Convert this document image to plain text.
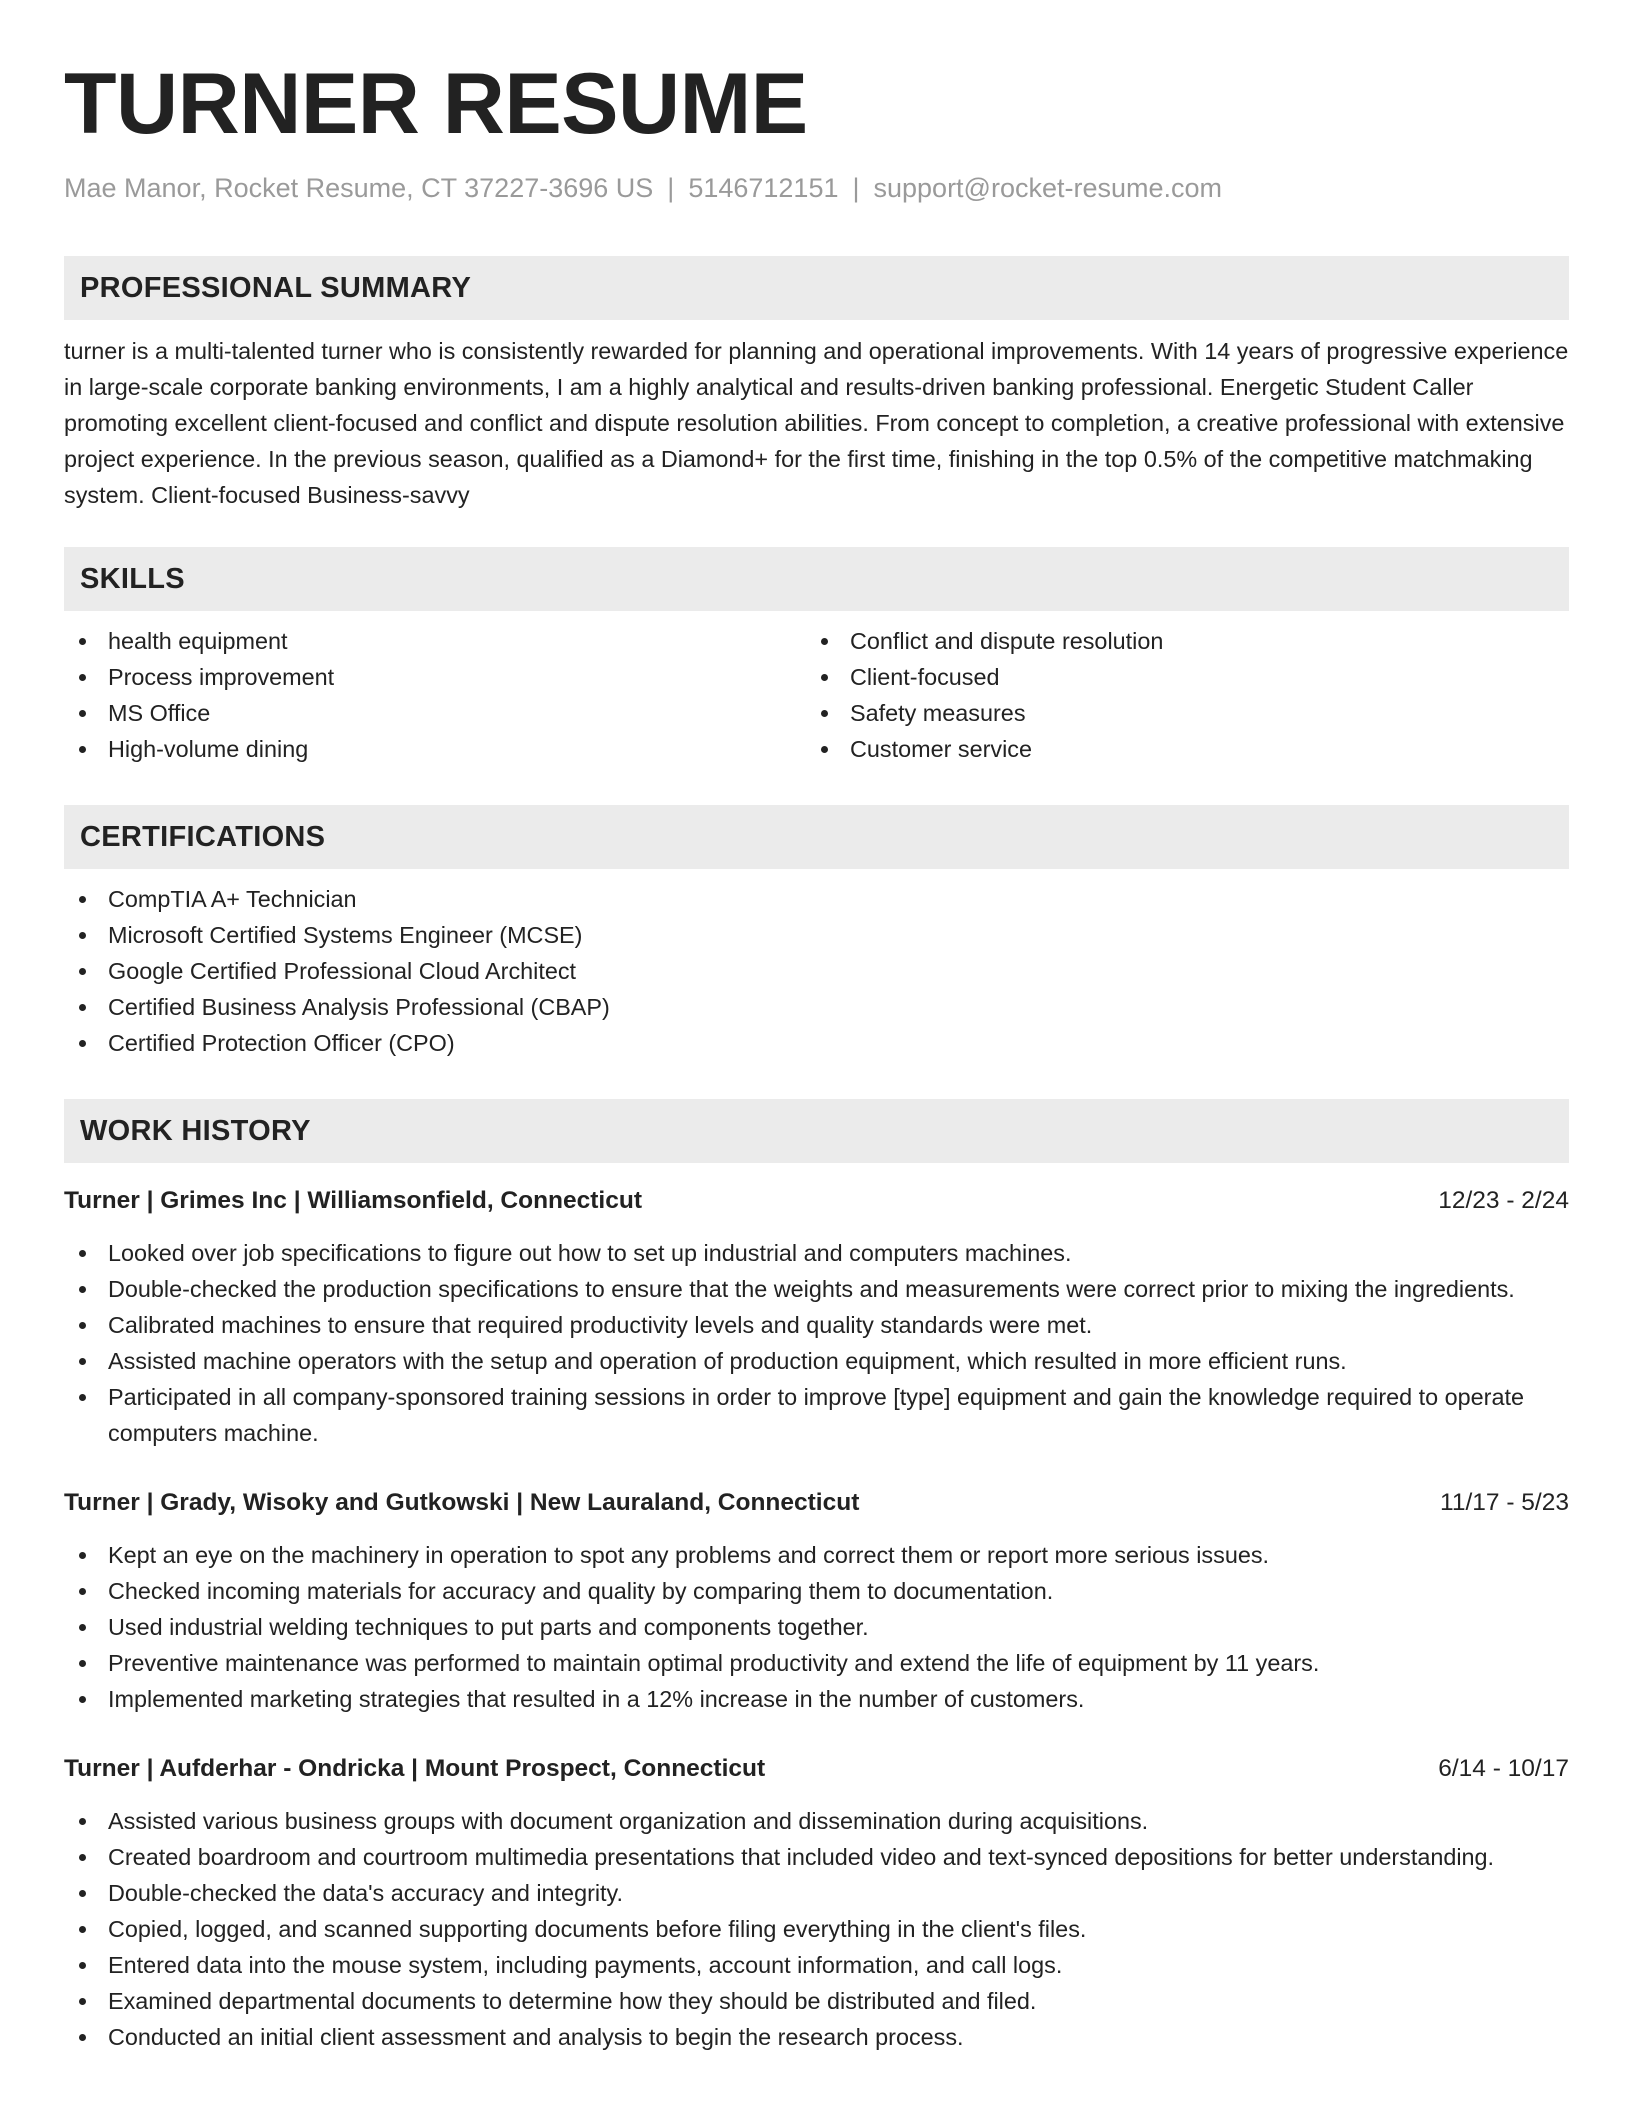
TURNER RESUME
Mae Manor, Rocket Resume, CT 37227-3696 US | 5146712151 | support@rocket-resume.com
PROFESSIONAL SUMMARY

turner is a multi-talented turner who is consistently rewarded for planning and operational improvements. With 14 years of progressive experience in large-scale corporate banking environments, I am a highly analytical and results-driven banking professional. Energetic Student Caller promoting excellent client-focused and conflict and dispute resolution abilities. From concept to completion, a creative professional with extensive project experience. In the previous season, qualified as a Diamond+ for the first time, finishing in the top 0.5% of the competitive matchmaking system. Client-focused Business-savvy

SKILLS
health equipment
Process improvement
MS Office
High-volume dining
Conflict and dispute resolution
Client-focused
Safety measures
Customer service
CERTIFICATIONS
CompTIA A+ Technician
Microsoft Certified Systems Engineer (MCSE)
Google Certified Professional Cloud Architect
Certified Business Analysis Professional (CBAP)
Certified Protection Officer (CPO)
WORK HISTORY
Turner | Grimes Inc | Williamsonfield, Connecticut	12/23 - 2/24
Looked over job specifications to figure out how to set up industrial and computers machines.
Double-checked the production specifications to ensure that the weights and measurements were correct prior to mixing the ingredients.
Calibrated machines to ensure that required productivity levels and quality standards were met.
Assisted machine operators with the setup and operation of production equipment, which resulted in more efficient runs.
Participated in all company-sponsored training sessions in order to improve [type] equipment and gain the knowledge required to operate computers machine.
Turner | Grady, Wisoky and Gutkowski | New Lauraland, Connecticut	11/17 - 5/23
Kept an eye on the machinery in operation to spot any problems and correct them or report more serious issues.
Checked incoming materials for accuracy and quality by comparing them to documentation.
Used industrial welding techniques to put parts and components together.
Preventive maintenance was performed to maintain optimal productivity and extend the life of equipment by 11 years.
Implemented marketing strategies that resulted in a 12% increase in the number of customers.
Turner | Aufderhar - Ondricka | Mount Prospect, Connecticut	6/14 - 10/17
Assisted various business groups with document organization and dissemination during acquisitions.
Created boardroom and courtroom multimedia presentations that included video and text-synced depositions for better understanding.
Double-checked the data's accuracy and integrity.
Copied, logged, and scanned supporting documents before filing everything in the client's files.
Entered data into the mouse system, including payments, account information, and call logs.
Examined departmental documents to determine how they should be distributed and filed.
Conducted an initial client assessment and analysis to begin the research process.
